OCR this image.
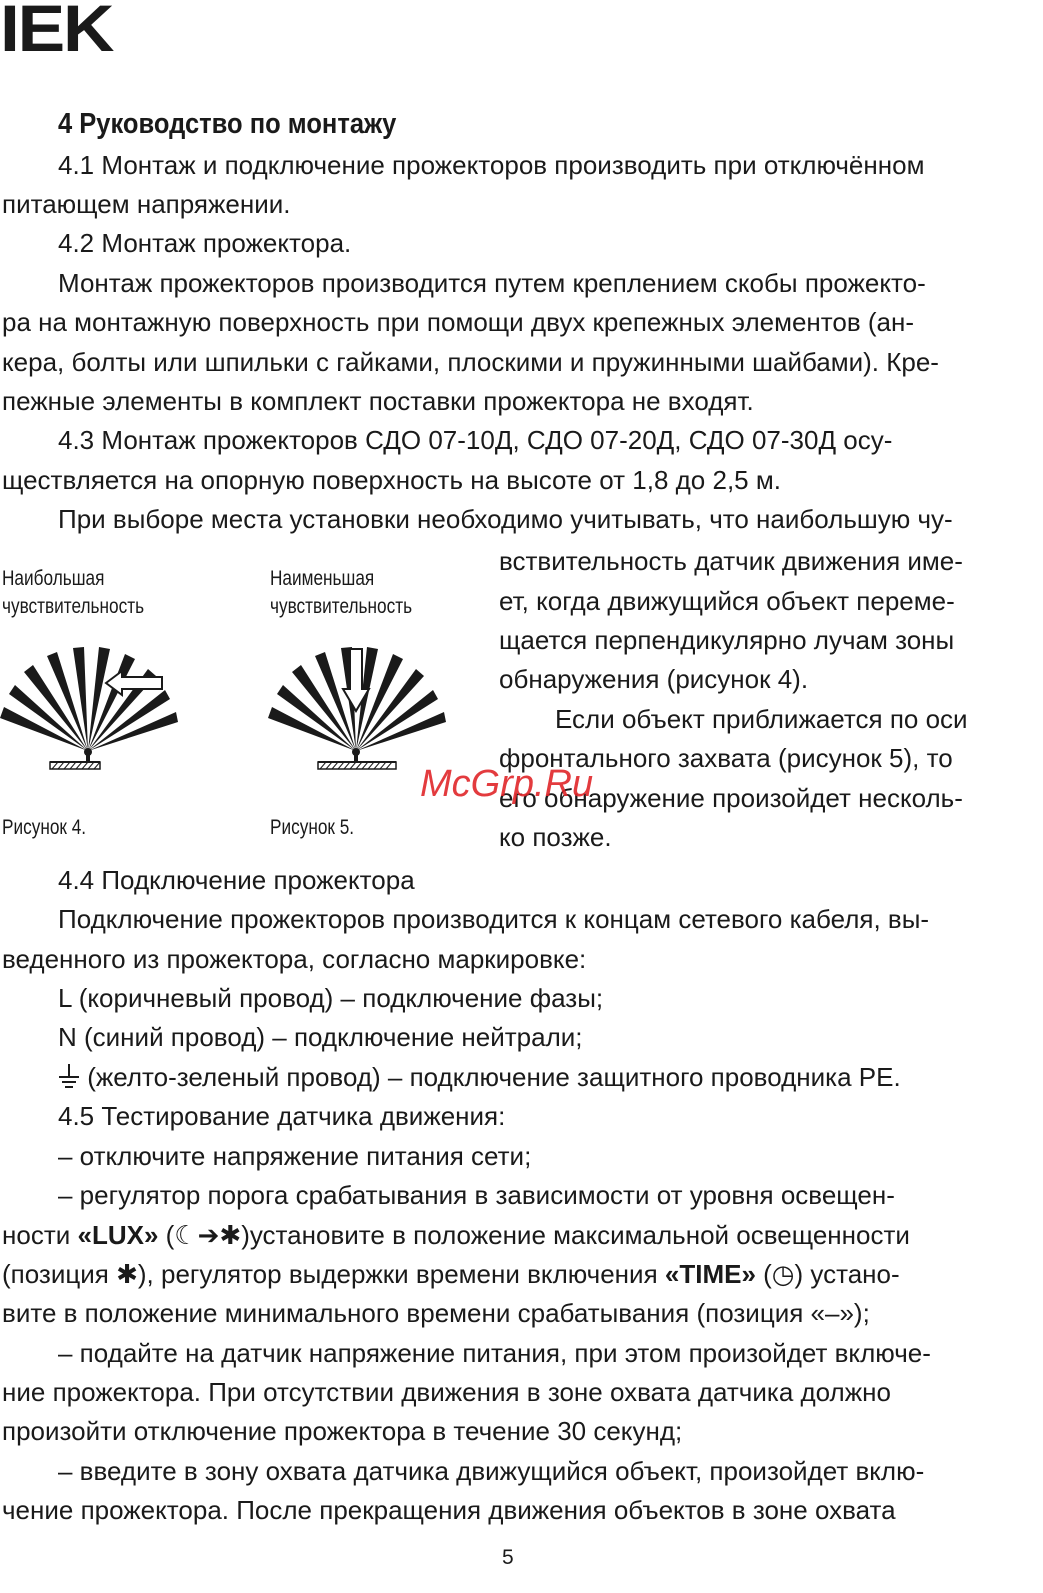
IEK
4 Руководство по монтажу
4.1 Монтаж и подключение прожекторов производить при отключённом
питающем напряжении.
4.2 Монтаж прожектора.
Монтаж прожекторов производится путем креплением скобы прожекто-
ра на монтажную поверхность при помощи двух крепежных элементов (ан-
кера, болты или шпильки с гайками, плоскими и пружинными шайбами). Кре-
пежные элементы в комплект поставки прожектора не входят.
4.3 Монтаж прожекторов СДО 07-10Д, СДО 07-20Д, СДО 07-30Д осу-
ществляется на опорную поверхность на высоте от 1,8 до 2,5 м.
При выборе места установки необходимо учитывать, что наибольшую чу-
вствительность датчик движения име-
ет, когда движущийся объект переме-
щается перпендикулярно лучам зоны
обнаружения (рисунок 4).
Если объект приближается по оси
фронтального захвата (рисунок 5), то
его обнаружение произойдет несколь-
ко позже.
Наибольшая
чувствительность
Рисунок 4.
Наименьшая
чувствительность
Рисунок 5.
McGrp.Ru
4.4 Подключение прожектора
Подключение прожекторов производится к концам сетевого кабеля, вы-
веденного из прожектора, согласно маркировке:
L (коричневый провод) – подключение фазы;
N (синий провод) – подключение нейтрали;
(желто-зеленый провод) – подключение защитного проводника PE.
4.5 Тестирование датчика движения:
– отключите напряжение питания сети;
– регулятор порога срабатывания в зависимости от уровня освещен-
ности «LUX» (☾➔✱)установите в положение максимальной освещенности
(позиция ✱), регулятор выдержки времени включения «TIME» (◷) устано-
вите в положение минимального времени срабатывания (позиция «–»);
– подайте на датчик напряжение питания, при этом произойдет включе-
ние прожектора. При отсутствии движения в зоне охвата датчика должно
произойти отключение прожектора в течение 30 секунд;
– введите в зону охвата датчика движущийся объект, произойдет вклю-
чение прожектора. После прекращения движения объектов в зоне охвата
5
